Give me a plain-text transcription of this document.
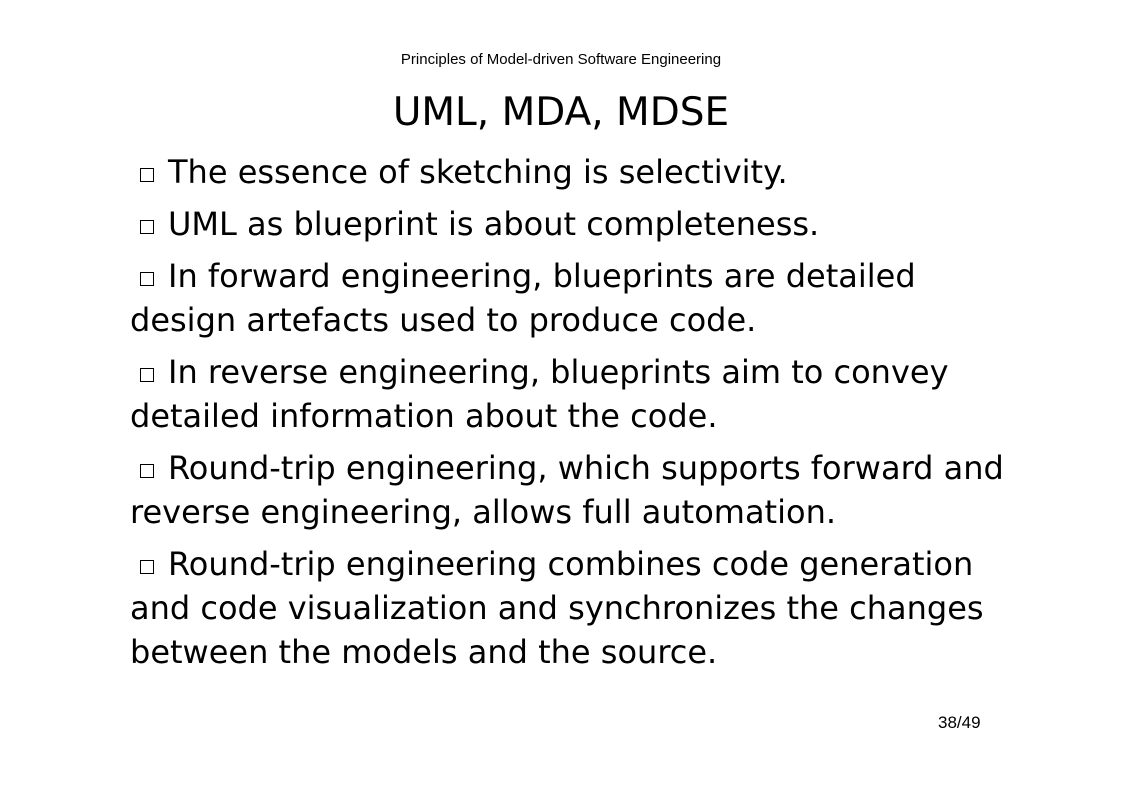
Principles of Model-driven Software Engineering
UML, MDA, MDSE
The essence of sketching is selectivity.
UML as blueprint is about completeness.
In forward engineering, blueprints are detailed design artefacts used to produce code.
In reverse engineering, blueprints aim to convey detailed information about the code.
Round-trip engineering, which supports forward and reverse engineering, allows full automation.
Round-trip engineering combines code generation and code visualization and synchronizes the changes between the models and the source.
38/49
